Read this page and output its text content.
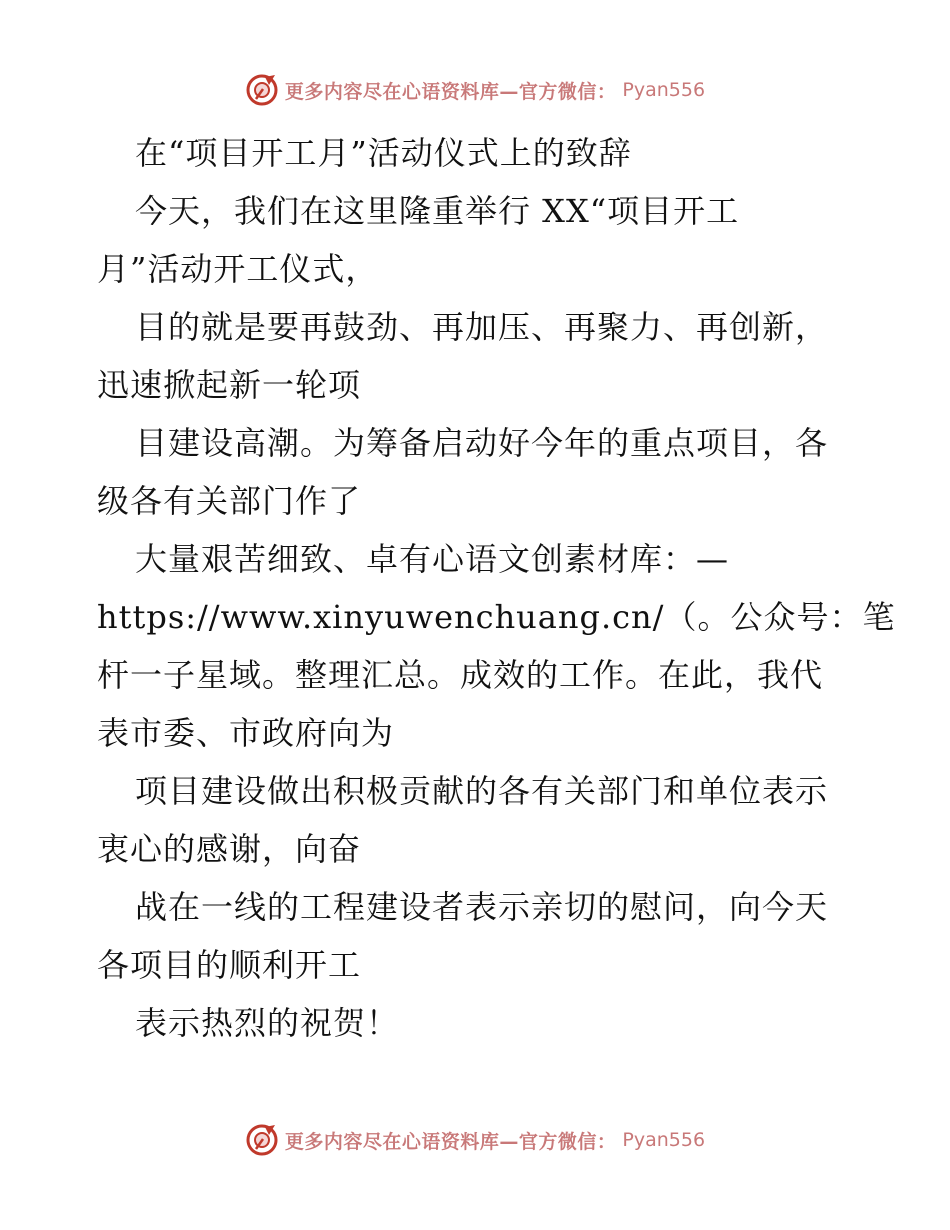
更多内容尽在心语资料库—官方微信： Pyan556
在“项目开工月”活动仪式上的致辞
今天，我们在这里隆重举行 XX“项目开工
月”活动开工仪式，
目的就是要再鼓劲、再加压、再聚力、再创新，
迅速掀起新一轮项
目建设高潮。为筹备启动好今年的重点项目，各
级各有关部门作了
大量艰苦细致、卓有心语文创素材库：—
https://www.xinyuwenchuang.cn/（。公众号：笔
杆一子星域。整理汇总。成效的工作。在此，我代
表市委、市政府向为
项目建设做出积极贡献的各有关部门和单位表示
衷心的感谢，向奋
战在一线的工程建设者表示亲切的慰问，向今天
各项目的顺利开工
表示热烈的祝贺！
更多内容尽在心语资料库—官方微信： Pyan556
